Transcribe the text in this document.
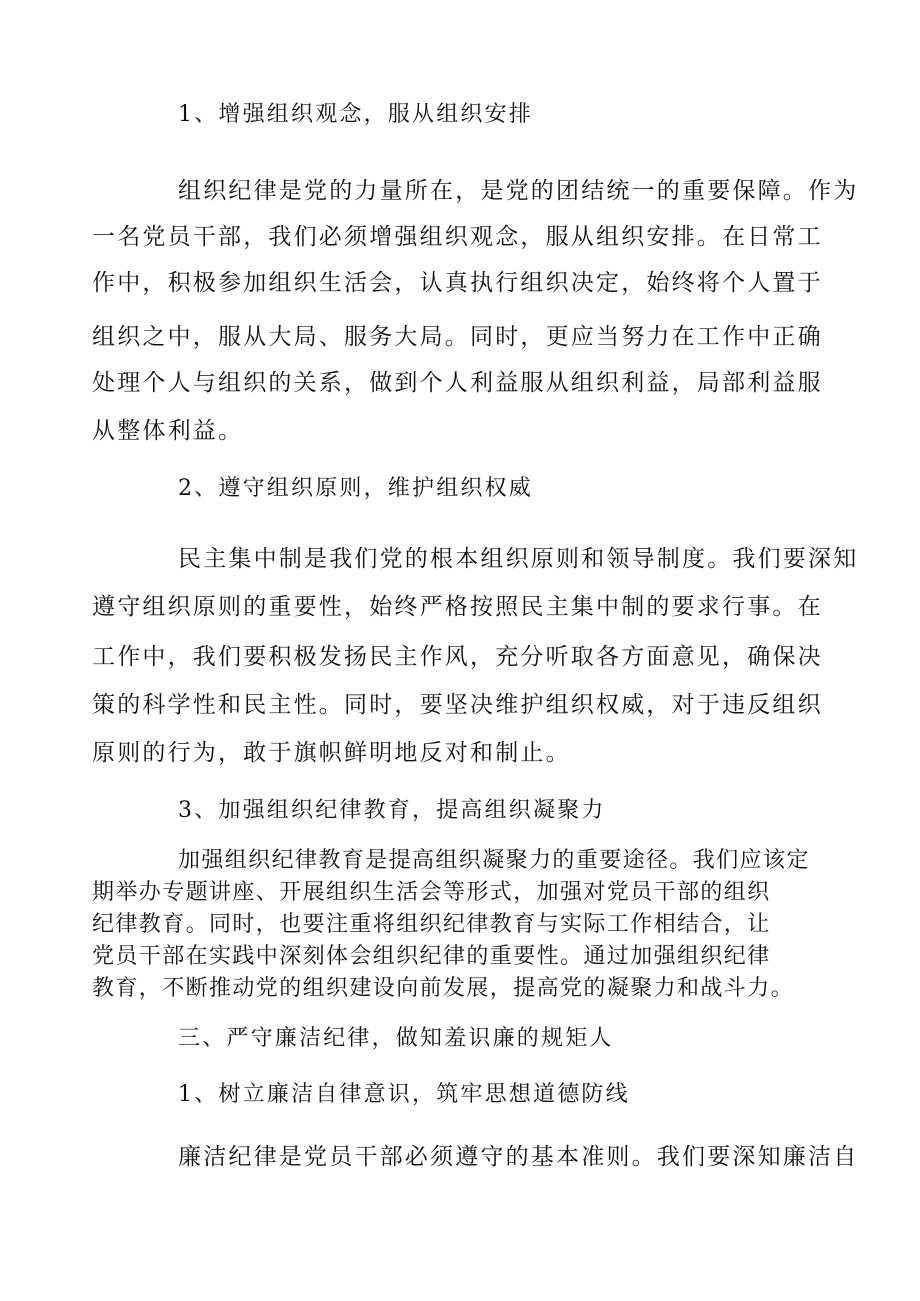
1、增强组织观念，服从组织安排
组织纪律是党的力量所在，是党的团结统一的重要保障。作为
一名党员干部，我们必须增强组织观念，服从组织安排。在日常工
作中，积极参加组织生活会，认真执行组织决定，始终将个人置于
组织之中，服从大局、服务大局。同时，更应当努力在工作中正确
处理个人与组织的关系，做到个人利益服从组织利益，局部利益服
从整体利益。
2、遵守组织原则，维护组织权威
民主集中制是我们党的根本组织原则和领导制度。我们要深知
遵守组织原则的重要性，始终严格按照民主集中制的要求行事。在
工作中，我们要积极发扬民主作风，充分听取各方面意见，确保决
策的科学性和民主性。同时，要坚决维护组织权威，对于违反组织
原则的行为，敢于旗帜鲜明地反对和制止。
3、加强组织纪律教育，提高组织凝聚力
加强组织纪律教育是提高组织凝聚力的重要途径。我们应该定
期举办专题讲座、开展组织生活会等形式，加强对党员干部的组织
纪律教育。同时，也要注重将组织纪律教育与实际工作相结合，让
党员干部在实践中深刻体会组织纪律的重要性。通过加强组织纪律
教育，不断推动党的组织建设向前发展，提高党的凝聚力和战斗力。
三、严守廉洁纪律，做知羞识廉的规矩人
1、树立廉洁自律意识，筑牢思想道德防线
廉洁纪律是党员干部必须遵守的基本准则。我们要深知廉洁自
